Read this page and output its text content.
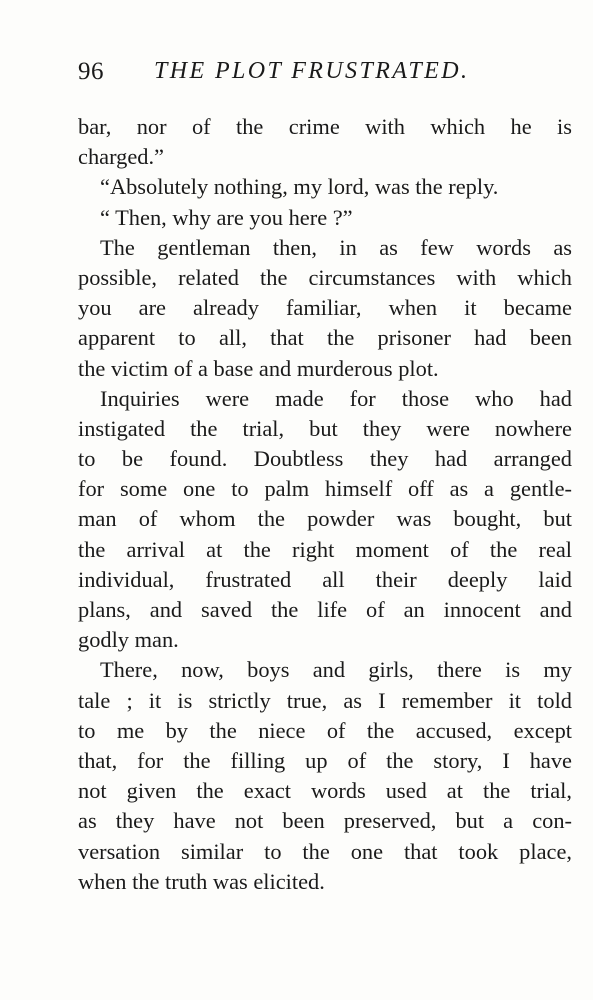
96 THE PLOT FRUSTRATED.
bar, nor of the crime with which he is
charged.”
“Absolutely nothing, my lord, was the reply.
“ Then, why are you here ?”
The gentleman then, in as few words as
possible, related the circumstances with which
you are already familiar, when it became
apparent to all, that the prisoner had been
the victim of a base and murderous plot.
Inquiries were made for those who had
instigated the trial, but they were nowhere
to be found. Doubtless they had arranged
for some one to palm himself off as a gentle-
man of whom the powder was bought, but
the arrival at the right moment of the real
individual, frustrated all their deeply laid
plans, and saved the life of an innocent and
godly man.
There, now, boys and girls, there is my
tale ; it is strictly true, as I remember it told
to me by the niece of the accused, except
that, for the filling up of the story, I have
not given the exact words used at the trial,
as they have not been preserved, but a con-
versation similar to the one that took place,
when the truth was elicited.
